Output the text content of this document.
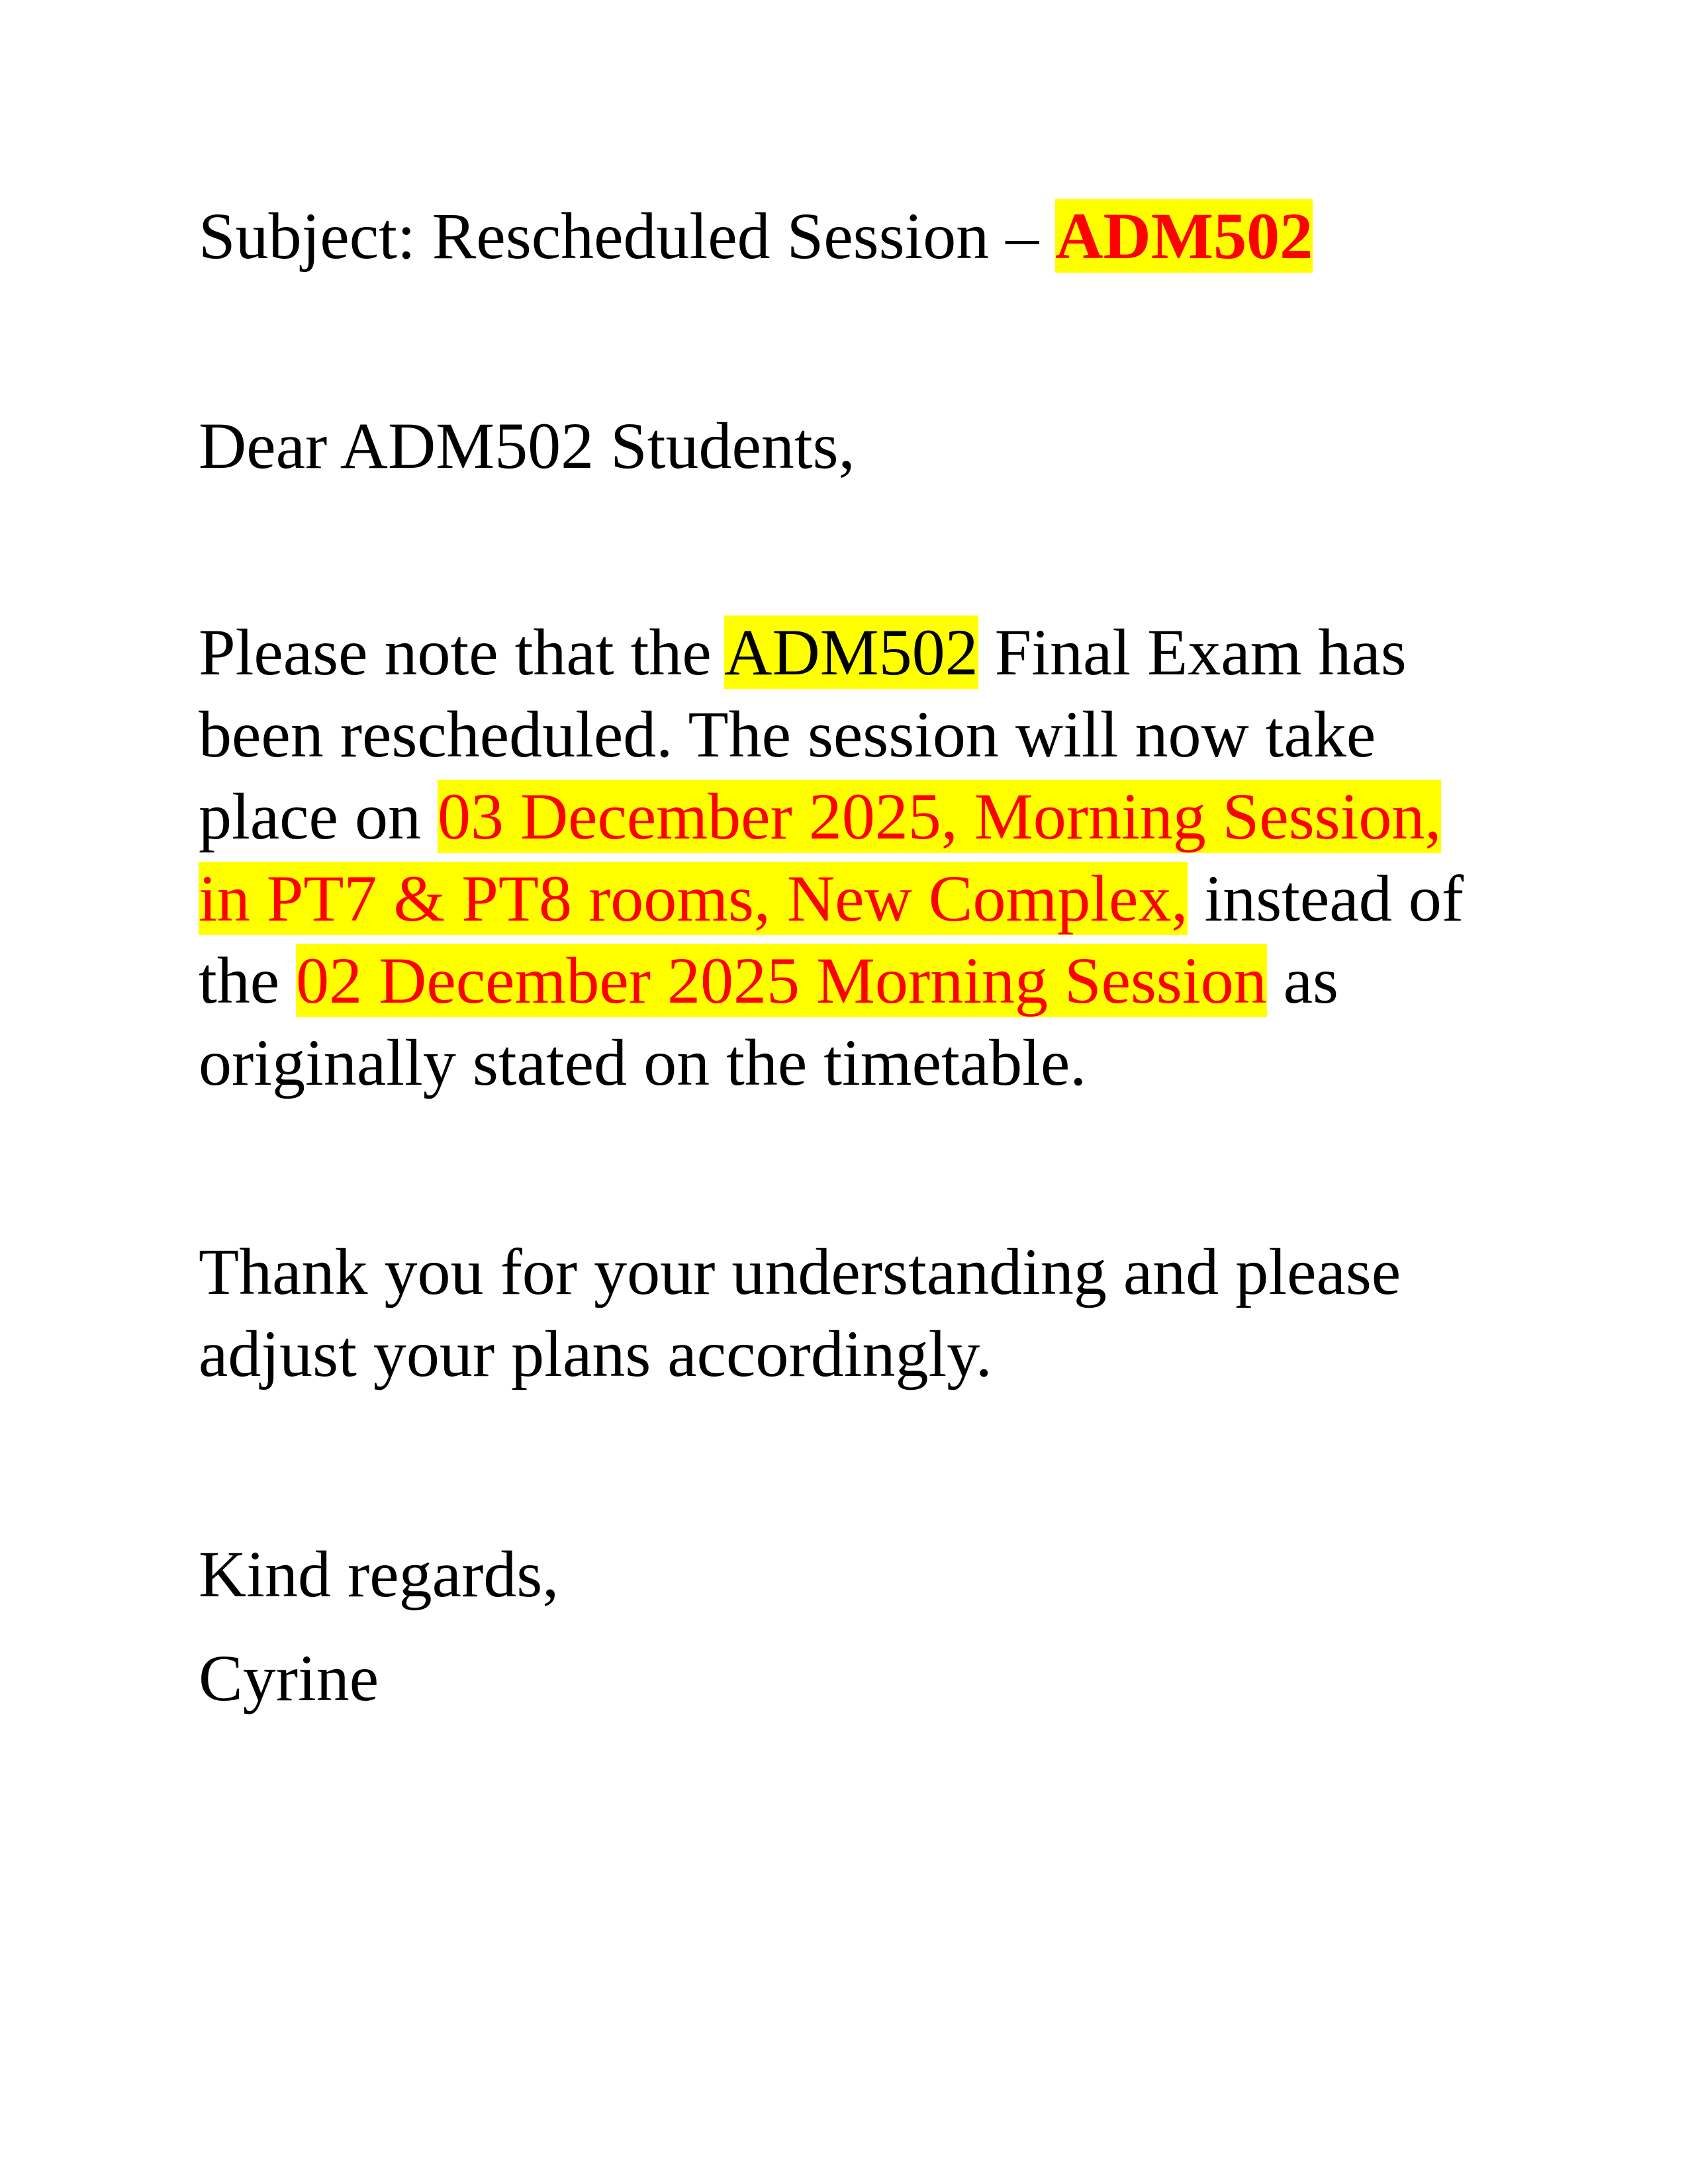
Subject: Rescheduled Session – ADM502
Dear ADM502 Students,
Please note that the ADM502 Final Exam has been rescheduled. The session will now take place on 03 December 2025, Morning Session, in PT7 & PT8 rooms, New Complex, instead of the 02 December 2025 Morning Session as originally stated on the timetable.
Thank you for your understanding and please adjust your plans accordingly.
Kind regards,
Cyrine
